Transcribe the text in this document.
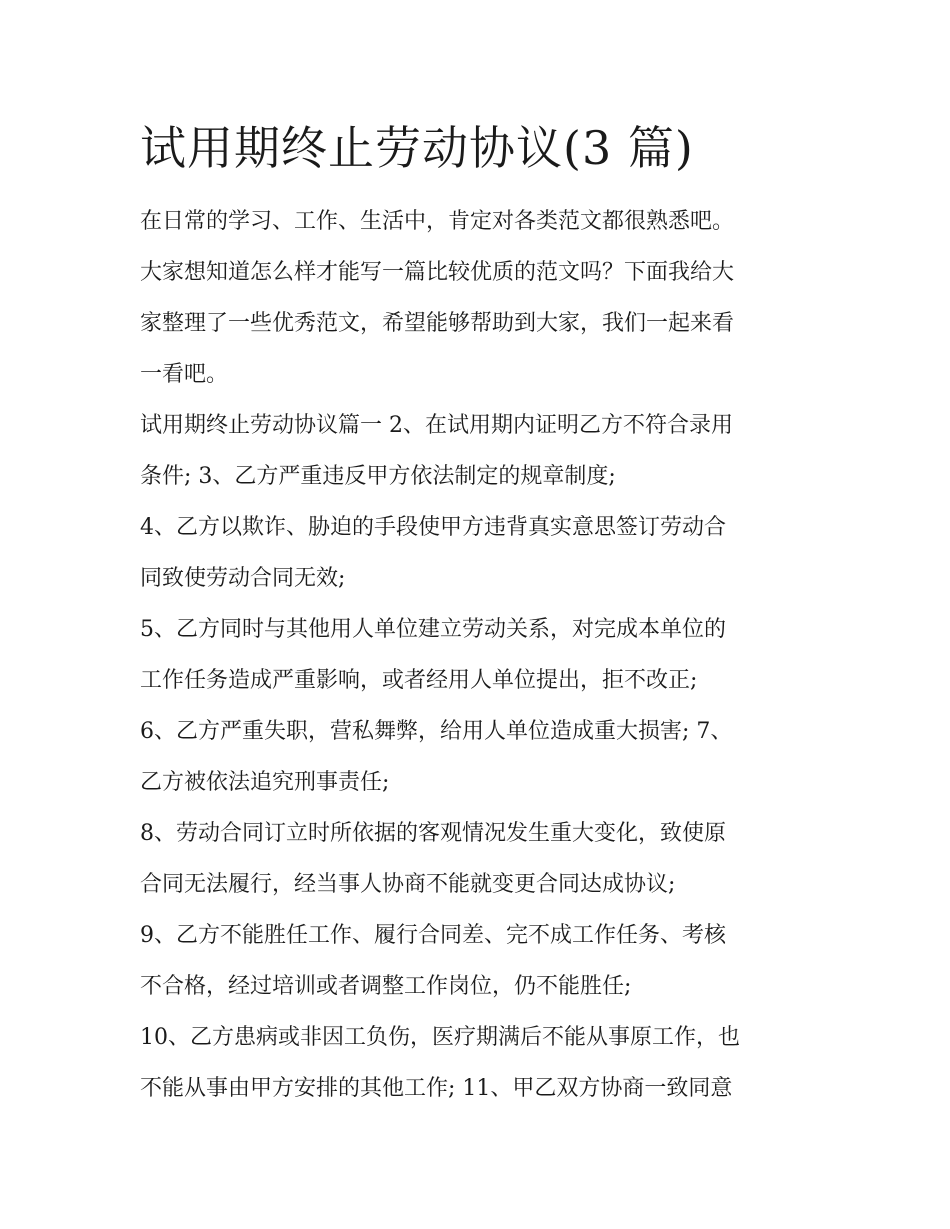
试用期终止劳动协议(3 篇)

在日常的学习、工作、生活中，肯定对各类范文都很熟悉吧。
大家想知道怎么样才能写一篇比较优质的范文吗？下面我给大
家整理了一些优秀范文，希望能够帮助到大家，我们一起来看
一看吧。

试用期终止劳动协议篇一 2、在试用期内证明乙方不符合录用
条件; 3、乙方严重违反甲方依法制定的规章制度;

4、乙方以欺诈、胁迫的手段使甲方违背真实意思签订劳动合
同致使劳动合同无效;

5、乙方同时与其他用人单位建立劳动关系，对完成本单位的
工作任务造成严重影响，或者经用人单位提出，拒不改正;

6、乙方严重失职，营私舞弊，给用人单位造成重大损害; 7、
乙方被依法追究刑事责任;

8、劳动合同订立时所依据的客观情况发生重大变化，致使原
合同无法履行，经当事人协商不能就变更合同达成协议;

9、乙方不能胜任工作、履行合同差、完不成工作任务、考核
不合格，经过培训或者调整工作岗位，仍不能胜任;

10、乙方患病或非因工负伤，医疗期满后不能从事原工作，也
不能从事由甲方安排的其他工作; 11、甲乙双方协商一致同意
